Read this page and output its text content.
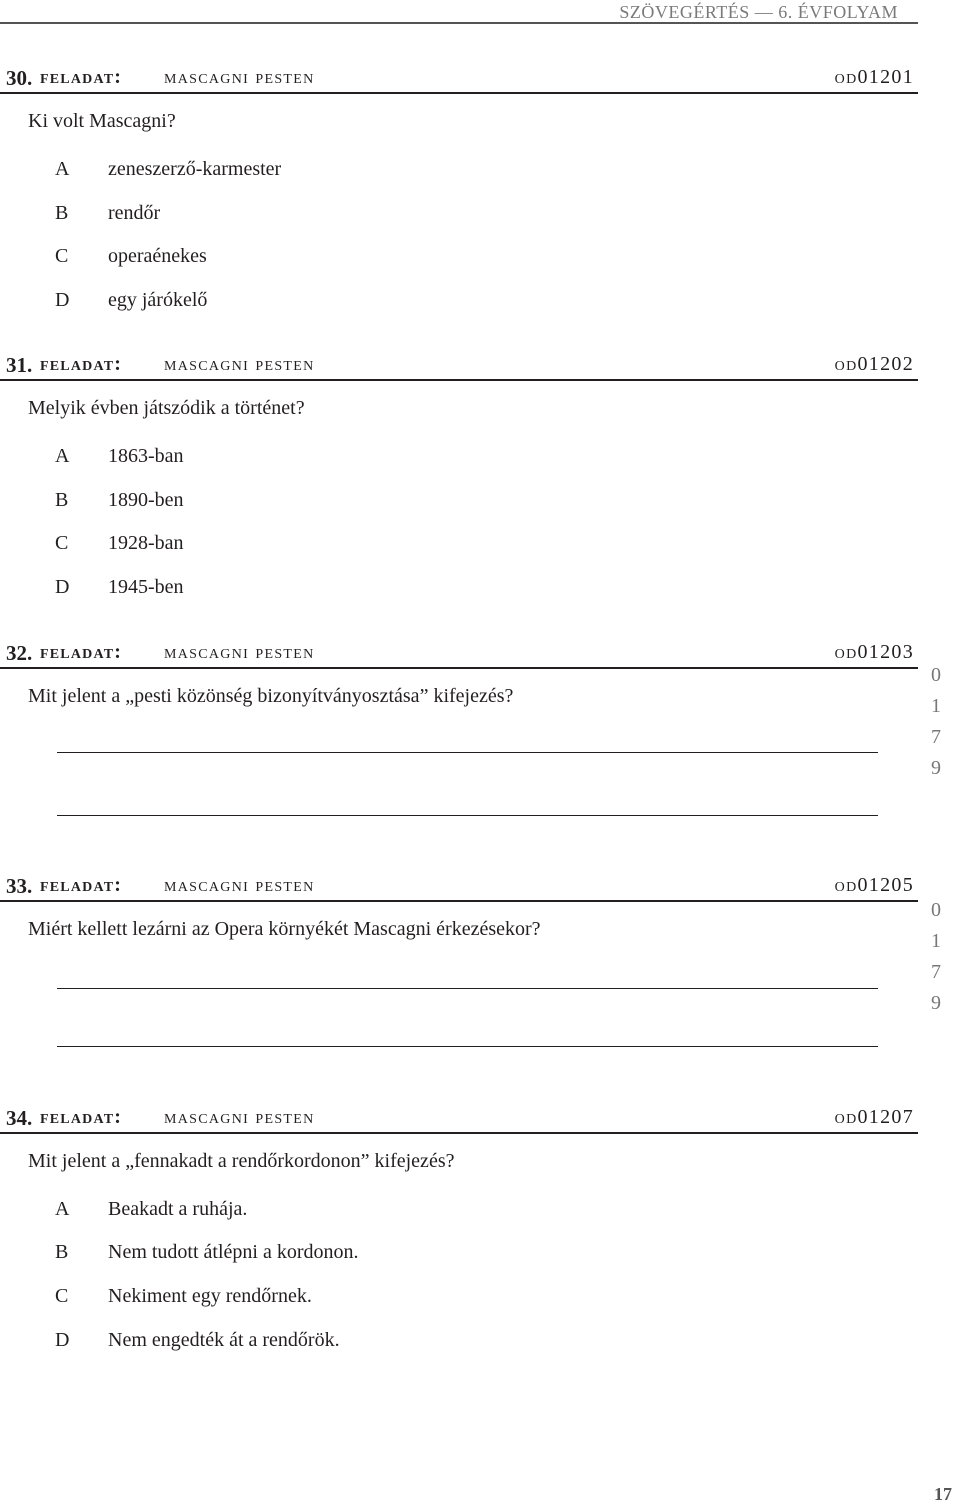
SZÖVEGÉRTÉS — 6. ÉVFOLYAM
30. feladat: mascagni pesten	od01201
Ki volt Mascagni?
A zeneszerző-karmester
B rendőr
C operaénekes
D egy járókelő
31. feladat: mascagni pesten	od01202
Melyik évben játszódik a történet?
A 1863-ban
B 1890-ben
C 1928-ban
D 1945-ben
32. feladat: mascagni pesten	od01203
Mit jelent a „pesti közönség bizonyítványosztása” kifejezés?
0
1
7
9
33. feladat: mascagni pesten	od01205
Miért kellett lezárni az Opera környékét Mascagni érkezésekor?
0
1
7
9
34. feladat: mascagni pesten	od01207
Mit jelent a „fennakadt a rendőrkordonon” kifejezés?
A Beakadt a ruhája.
B Nem tudott átlépni a kordonon.
C Nekiment egy rendőrnek.
D Nem engedték át a rendőrök.
17
